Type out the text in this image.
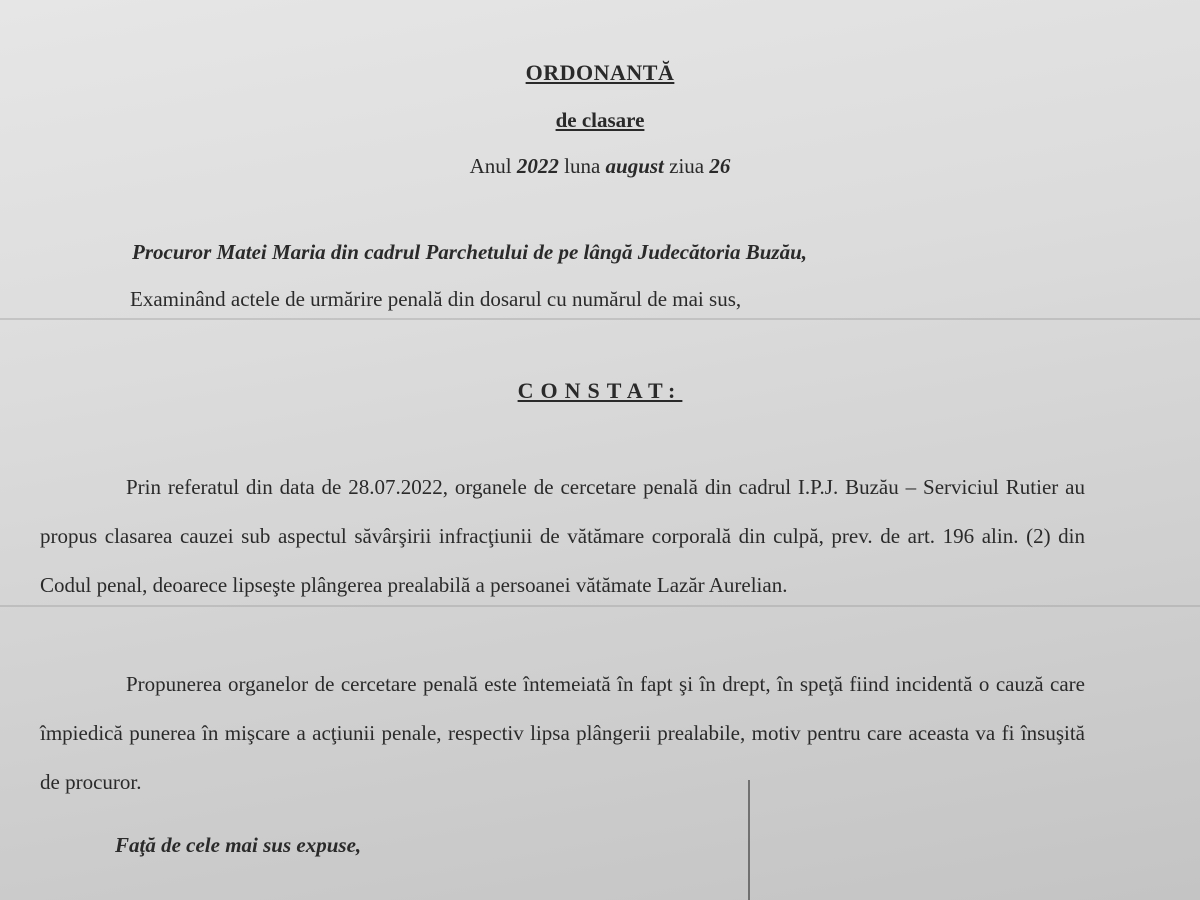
ORDONANTĂ
de clasare
Anul 2022 luna august ziua 26
Procuror Matei Maria din cadrul Parchetului de pe lângă Judecătoria Buzău,
Examinând actele de urmărire penală din dosarul cu numărul de mai sus,
CONSTAT:
Prin referatul din data de 28.07.2022, organele de cercetare penală din cadrul I.P.J. Buzău – Serviciul Rutier au propus clasarea cauzei sub aspectul săvârşirii infracţiunii de vătămare corporală din culpă, prev. de art. 196 alin. (2) din Codul penal, deoarece lipseşte plângerea prealabilă a persoanei vătămate Lazăr Aurelian.
Propunerea organelor de cercetare penală este întemeiată în fapt şi în drept, în speţă fiind incidentă o cauză care împiedică punerea în mişcare a acţiunii penale, respectiv lipsa plângerii prealabile, motiv pentru care aceasta va fi însuşită de procuror.
Faţă de cele mai sus expuse,
